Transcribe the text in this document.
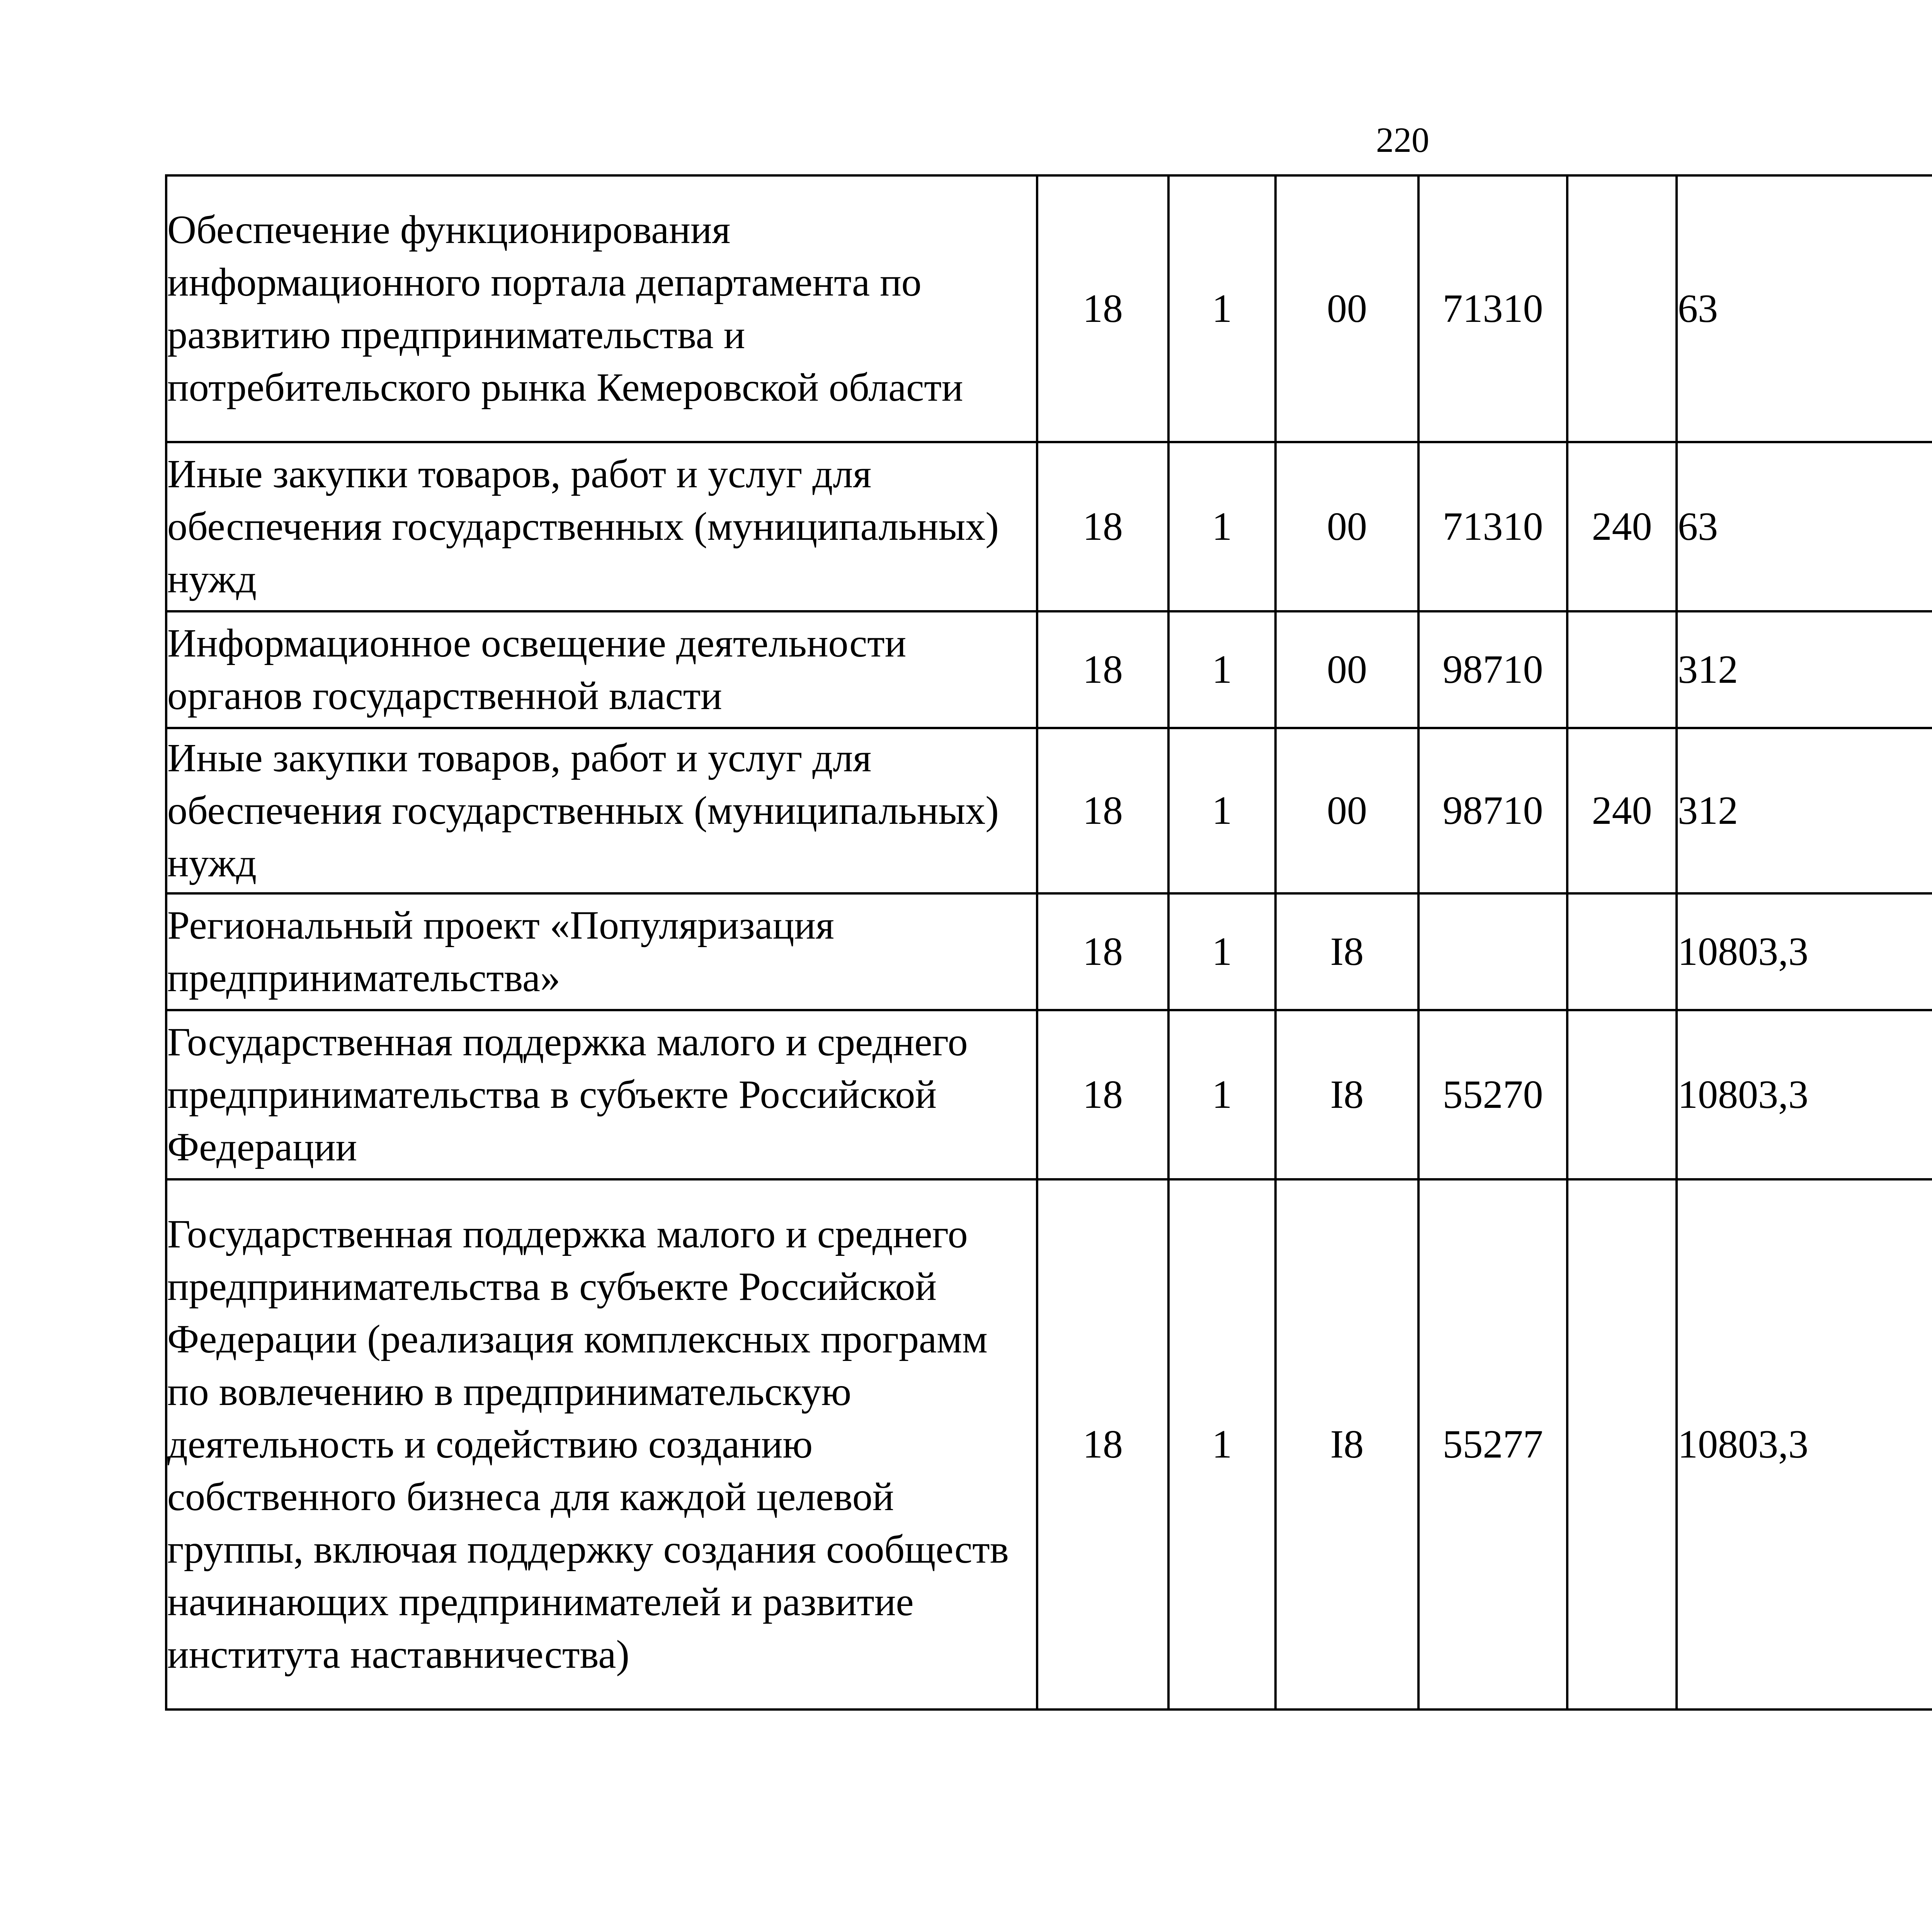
220
Обеспечение функционирования информационного портала департамента по развитию предпринимательства и потребительского рынка Кемеровской области	18	1	00	71310		63		
Иные закупки товаров, работ и услуг для обеспечения государственных (муниципальных) нужд	18	1	00	71310	240	63		
Информационное освещение деятельности органов государственной власти	18	1	00	98710		312		
Иные закупки товаров, работ и услуг для обеспечения государственных (муниципальных) нужд	18	1	00	98710	240	312		
Региональный проект «Популяризация предпринимательства»	18	1	I8			10803,3		
Государственная поддержка малого и среднего предпринимательства в субъекте Российской Федерации	18	1	I8	55270		10803,3		
Государственная поддержка малого и среднего предпринимательства в субъекте Российской Федерации (реализация комплексных программ по вовлечению в предпринимательскую деятельность и содействию созданию собственного бизнеса для каждой целевой группы, включая поддержку создания сообществ начинающих предпринимателей и развитие института наставничества)	18	1	I8	55277		10803,3		
